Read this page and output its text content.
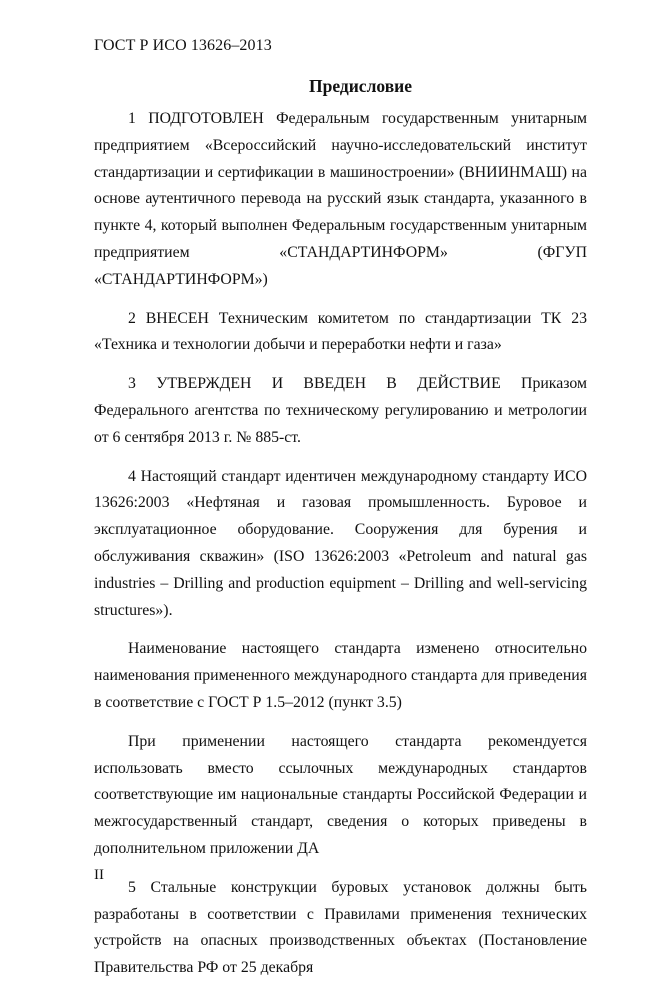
ГОСТ Р ИСО 13626–2013
Предисловие

1 ПОДГОТОВЛЕН Федеральным государственным унитарным предприятием «Всероссийский научно-исследовательский институт стандартизации и сертификации в машиностроении» (ВНИИНМАШ) на основе аутентичного перевода на русский язык стандарта, указанного в пункте 4, который выполнен Федеральным государственным унитарным предприятием «СТАНДАРТИНФОРМ» (ФГУП «СТАНДАРТИНФОРМ»)

2 ВНЕСЕН Техническим комитетом по стандартизации ТК 23 «Техника и технологии добычи и переработки нефти и газа»

3 УТВЕРЖДЕН И ВВЕДЕН В ДЕЙСТВИЕ Приказом Федерального агентства по техническому регулированию и метрологии от 6 сентября 2013 г. № 885-ст.

4 Настоящий стандарт идентичен международному стандарту ИСО 13626:2003 «Нефтяная и газовая промышленность. Буровое и эксплуатационное оборудование. Сооружения для бурения и обслуживания скважин» (ISO 13626:2003 «Petroleum and natural gas industries – Drilling and production equipment – Drilling and well-servicing structures»).

Наименование настоящего стандарта изменено относительно наименования примененного международного стандарта для приведения в соответствие с ГОСТ Р 1.5–2012 (пункт 3.5)

При применении настоящего стандарта рекомендуется использовать вместо ссылочных международных стандартов соответствующие им национальные стандарты Российской Федерации и межгосударственный стандарт, сведения о которых приведены в дополнительном приложении ДА

5 Стальные конструкции буровых установок должны быть разработаны в соответствии с Правилами применения технических устройств на опасных производственных объектах (Постановление Правительства РФ от 25 декабря

II
